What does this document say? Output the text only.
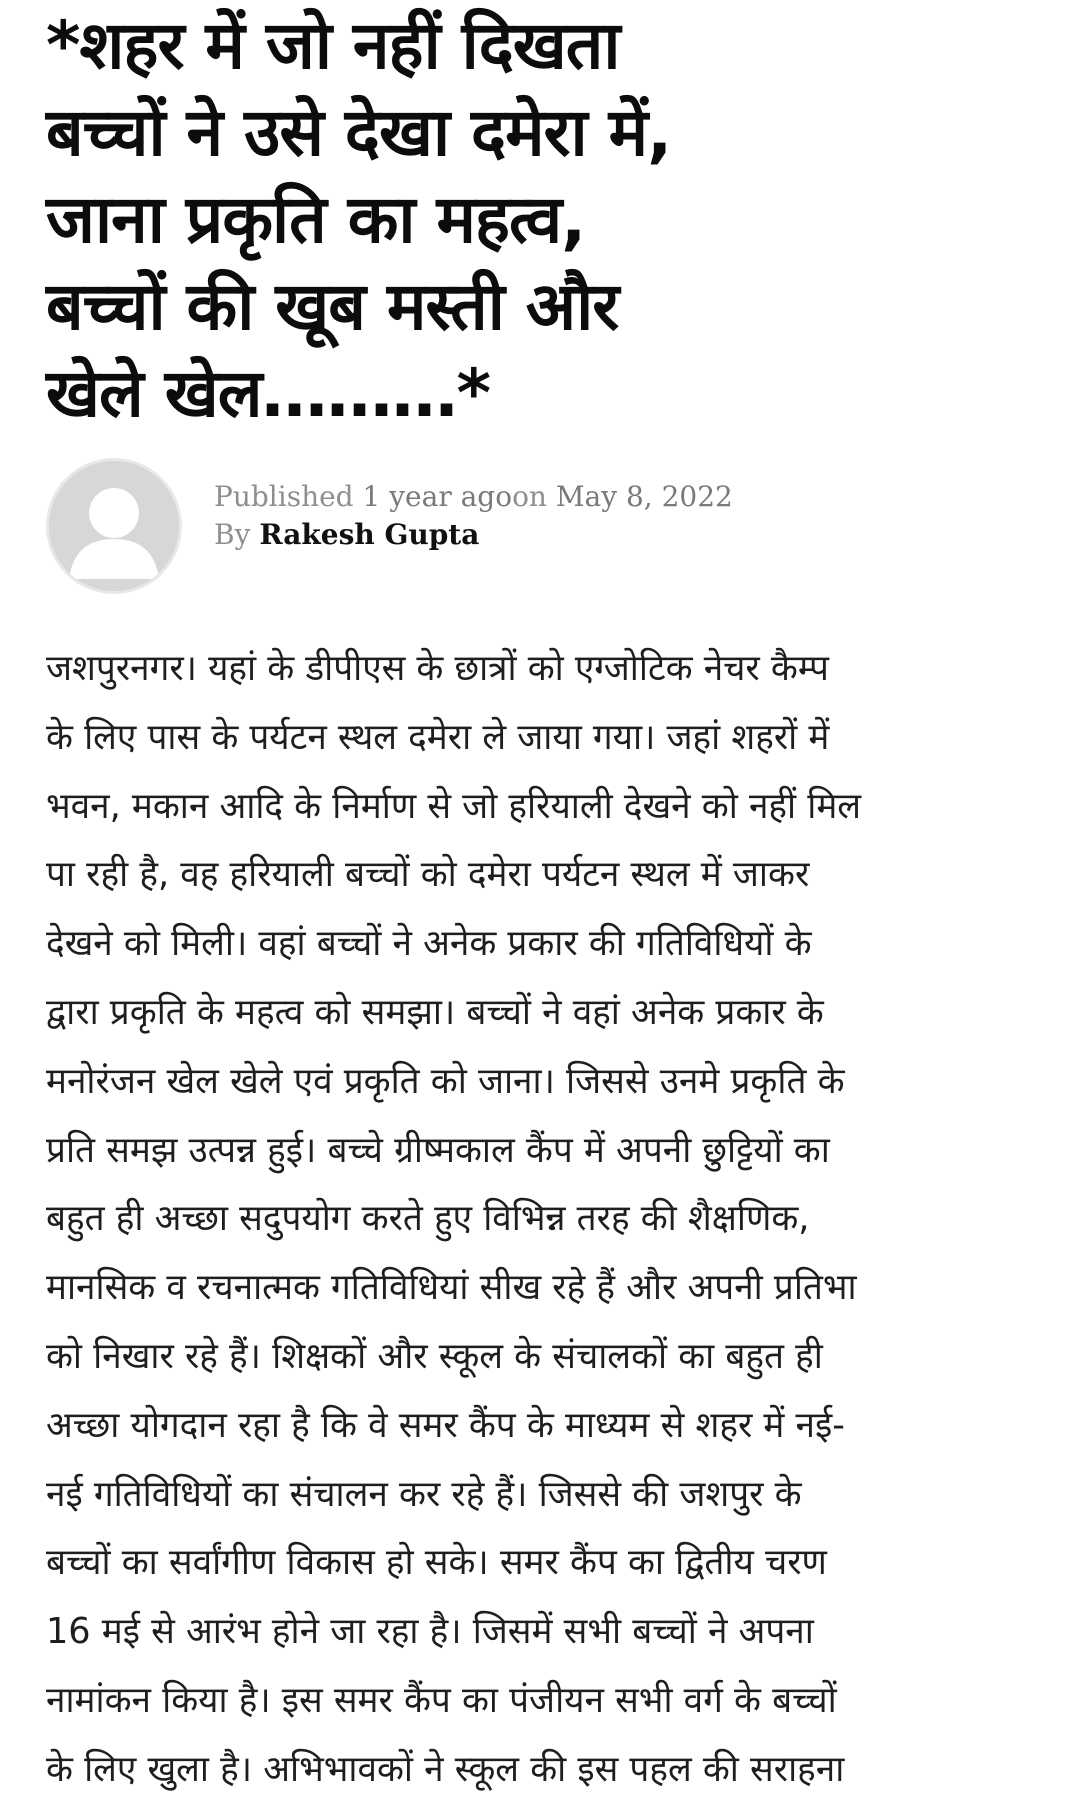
*शहर में जो नहीं दिखता
बच्चों ने उसे देखा दमेरा में,
जाना प्रकृति का महत्व,
बच्चों की खूब मस्ती और
खेले खेल………*
Published 1 year agoon May 8, 2022
By Rakesh Gupta
जशपुरनगर। यहां के डीपीएस के छात्रों को एग्जोटिक नेचर कैम्प
के लिए पास के पर्यटन स्थल दमेरा ले जाया गया। जहां शहरों में
भवन, मकान आदि के निर्माण से जो हरियाली देखने को नहीं मिल
पा रही है, वह हरियाली बच्चों को दमेरा पर्यटन स्थल में जाकर
देखने को मिली। वहां बच्चों ने अनेक प्रकार की गतिविधियों के
द्वारा प्रकृति के महत्व को समझा। बच्चों ने वहां अनेक प्रकार के
मनोरंजन खेल खेले एवं प्रकृति को जाना। जिससे उनमे प्रकृति के
प्रति समझ उत्पन्न हुई। बच्चे ग्रीष्मकाल कैंप में अपनी छुट्टियों का
बहुत ही अच्छा सदुपयोग करते हुए विभिन्न तरह की शैक्षणिक,
मानसिक व रचनात्मक गतिविधियां सीख रहे हैं और अपनी प्रतिभा
को निखार रहे हैं। शिक्षकों और स्कूल के संचालकों का बहुत ही
अच्छा योगदान रहा है कि वे समर कैंप के माध्यम से शहर में नई-
नई गतिविधियों का संचालन कर रहे हैं। जिससे की जशपुर के
बच्चों का सर्वांगीण विकास हो सके। समर कैंप का द्वितीय चरण
16 मई से आरंभ होने जा रहा है। जिसमें सभी बच्चों ने अपना
नामांकन किया है। इस समर कैंप का पंजीयन सभी वर्ग के बच्चों
के लिए खुला है। अभिभावकों ने स्कूल की इस पहल की सराहना
